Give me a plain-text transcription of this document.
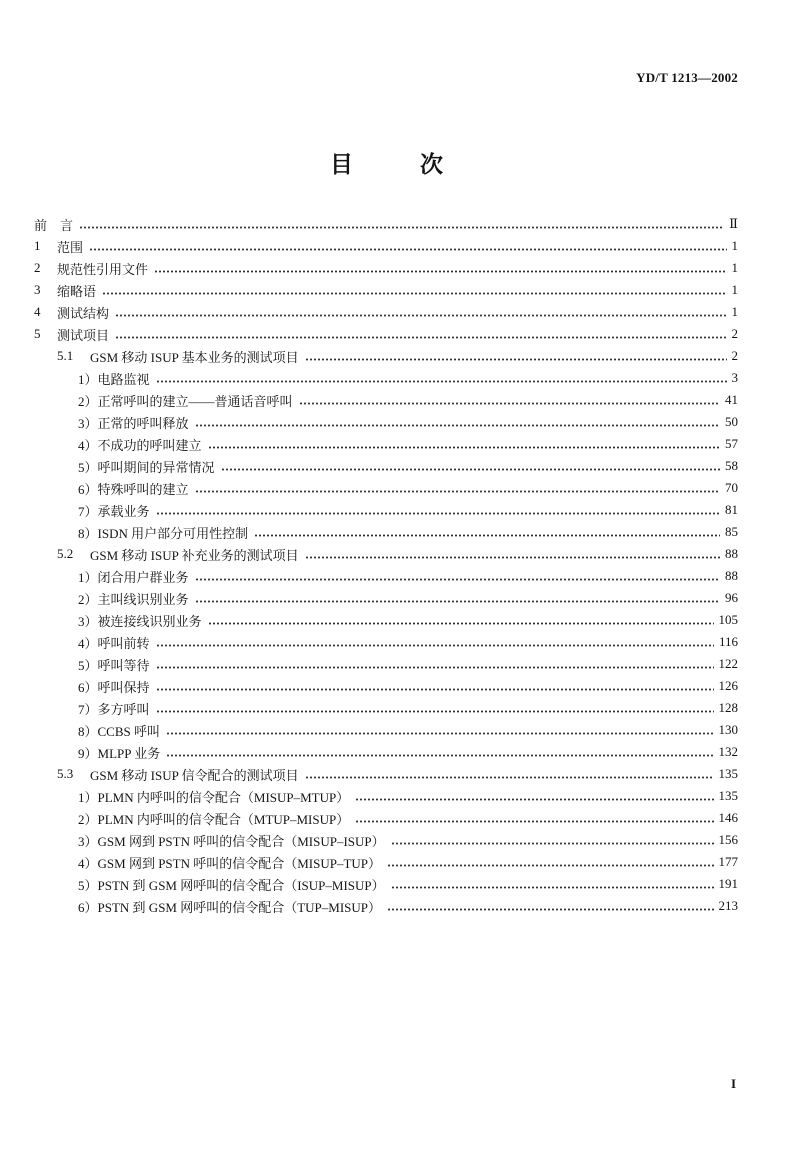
YD/T 1213—2002
目	次
前　言	Ⅱ
1	范围	1
2	规范性引用文件	1
3	缩略语	1
4	测试结构	1
5	测试项目	2
5.1	GSM 移动 ISUP 基本业务的测试项目	2
1） 电路监视	3
2） 正常呼叫的建立——普通话音呼叫	41
3） 正常的呼叫释放	50
4） 不成功的呼叫建立	57
5） 呼叫期间的异常情况	58
6） 特殊呼叫的建立	70
7） 承载业务	81
8） ISDN 用户部分可用性控制	85
5.2	GSM 移动 ISUP 补充业务的测试项目	88
1） 闭合用户群业务	88
2） 主叫线识别业务	96
3） 被连接线识别业务	105
4） 呼叫前转	116
5） 呼叫等待	122
6） 呼叫保持	126
7） 多方呼叫	128
8） CCBS 呼叫	130
9） MLPP 业务	132
5.3	GSM 移动 ISUP 信令配合的测试项目	135
1） PLMN 内呼叫的信令配合（MISUP–MTUP）	135
2） PLMN 内呼叫的信令配合（MTUP–MISUP）	146
3） GSM 网到 PSTN 呼叫的信令配合（MISUP–ISUP）	156
4） GSM 网到 PSTN 呼叫的信令配合（MISUP–TUP）	177
5） PSTN 到 GSM 网呼叫的信令配合（ISUP–MISUP）	191
6） PSTN 到 GSM 网呼叫的信令配合（TUP–MISUP）	213
I
